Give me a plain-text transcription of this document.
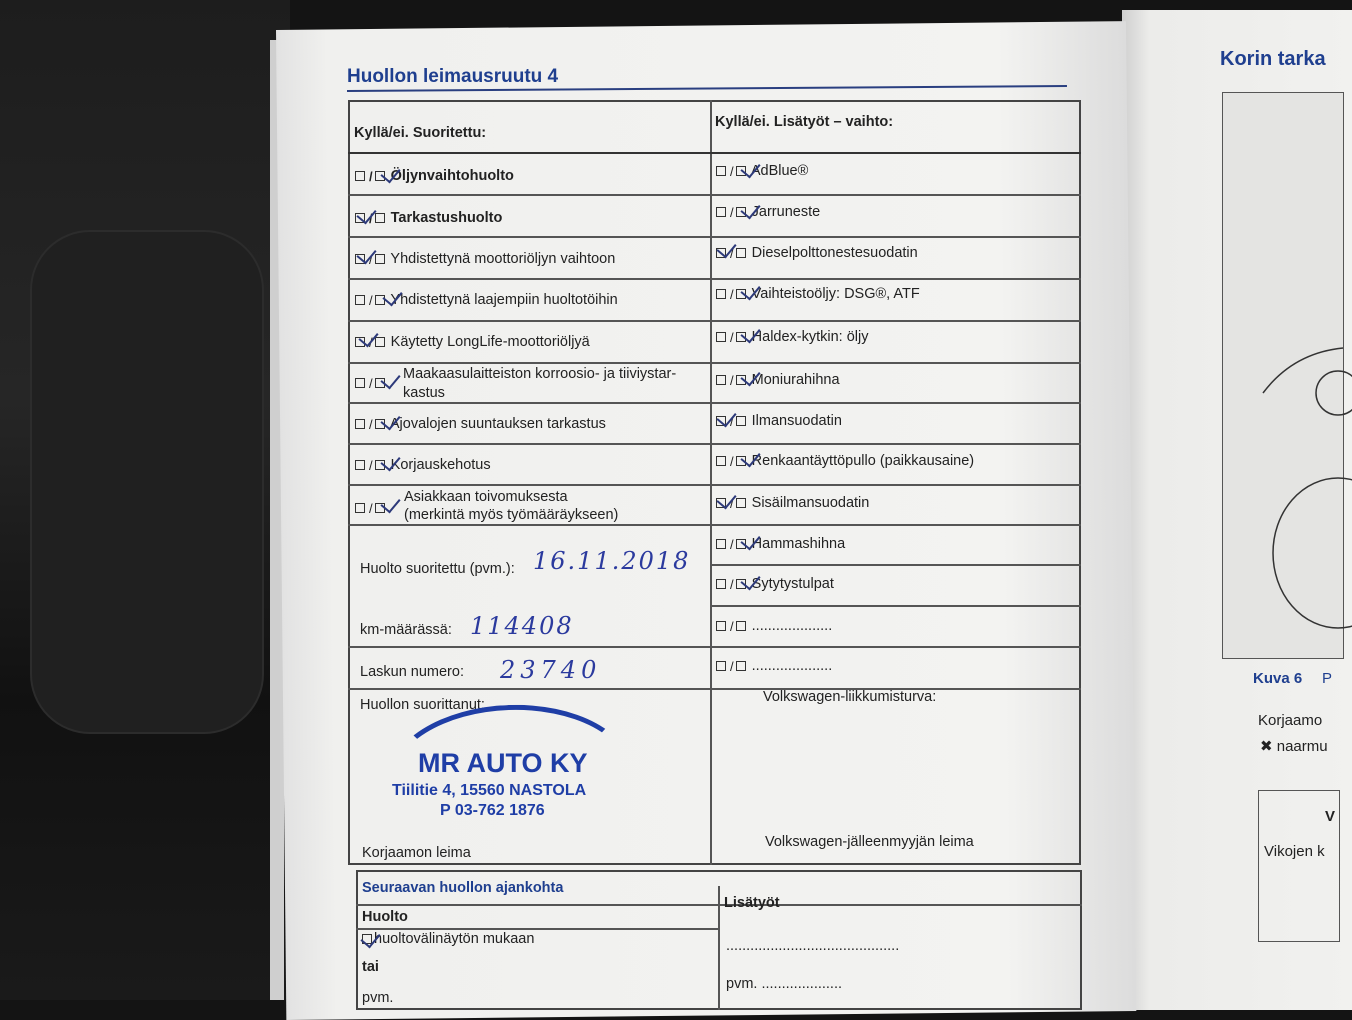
Korin tarka
Kuva 6 P
Korjaamo
✖ naarmu
V
Vikojen k
Huollon leimausruutu 4
Kyllä/ei. Suoritettu:
Kyllä/ei. Lisätyöt – vaihto:
/ Öljynvaihtohuolto
/ Tarkastushuolto
/ Yhdistettynä moottoriöljyn vaihtoon
/ Yhdistettynä laajempiin huoltotöihin
/ Käytetty LongLife-moottoriöljyä
/
Maakaasulaitteiston korroosio- ja tiiviystar-
kastus
/ Ajovalojen suuntauksen tarkastus
/ Korjauskehotus
/
Asiakkaan toivomuksesta
(merkintä myös työmääräykseen)
/ AdBlue®
/ Jarruneste
/ Dieselpolttonestesuodatin
/ Vaihteistoöljy: DSG®, ATF
/ Haldex-kytkin: öljy
/ Moniurahihna
/ Ilmansuodatin
/ Renkaantäyttöpullo (paikkausaine)
/ Sisäilmansuodatin
/ Hammashihna
/ Sytytystulpat
/ ....................
/ ....................
Huolto suoritettu (pvm.): 16.11.2018
km-määrässä: 114408
Laskun numero: 23740
Huollon suorittanut:	Volkswagen-liikkumisturva:
Korjaamon leima
Volkswagen-jälleenmyyjän leima
MR AUTO KY
Tiilitie 4, 15560 NASTOLA
P 03-762 1876
Seuraavan huollon ajankohta
Huolto
Lisätyöt
huoltovälinäytön mukaan
tai
pvm.
...........................................
pvm. ....................
